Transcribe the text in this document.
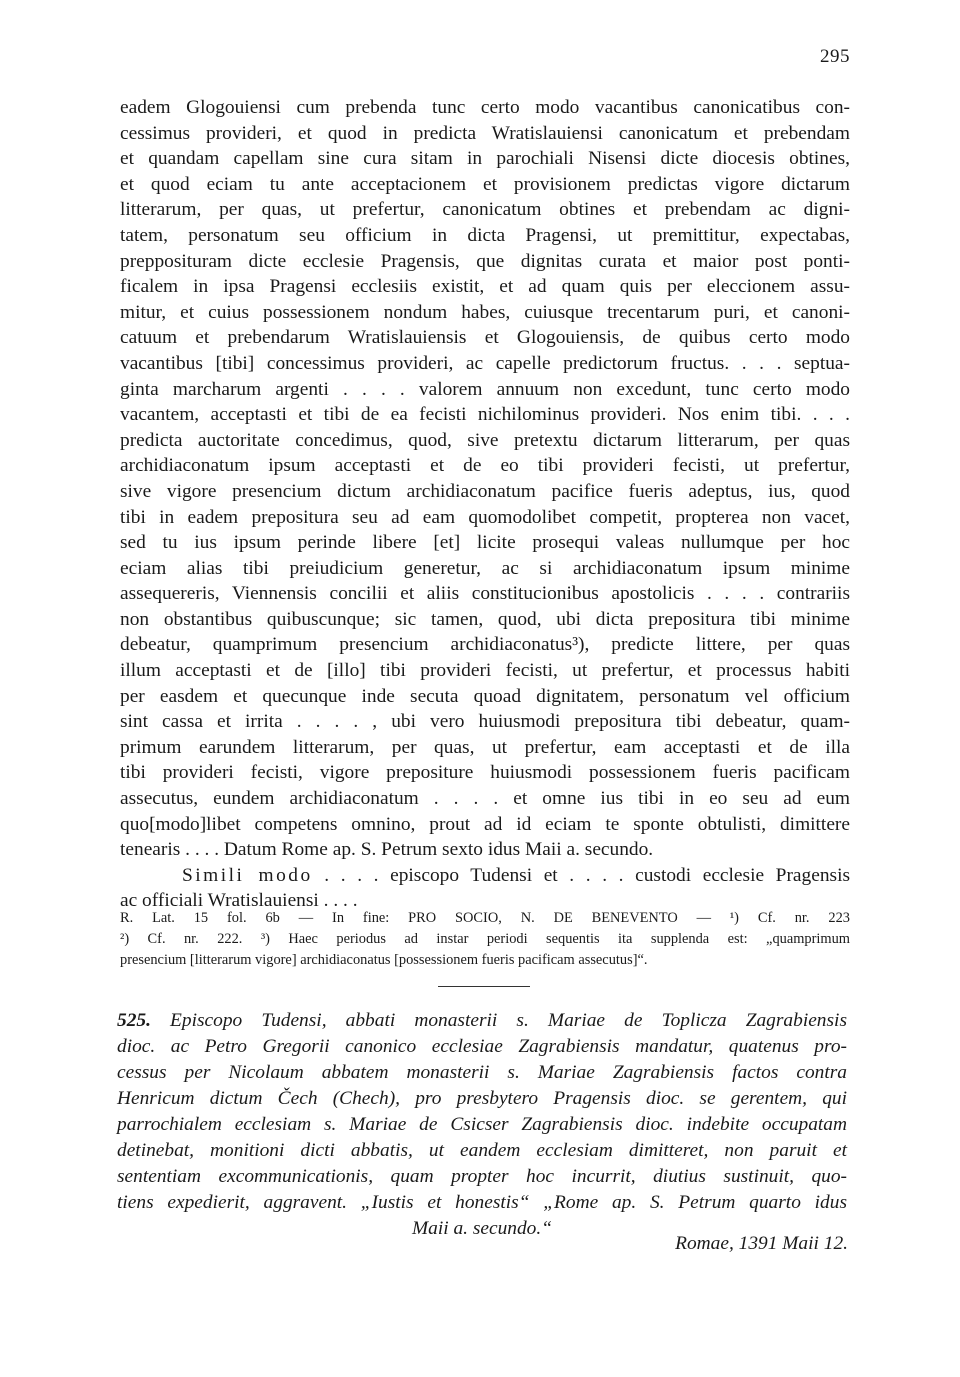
295
eadem Glogouiensi cum prebenda tunc certo modo vacantibus canonicatibus con-
cessimus provideri, et quod in predicta Wratislauiensi canonicatum et prebendam
et quandam capellam sine cura sitam in parochiali Nisensi dicte diocesis obtines,
et quod eciam tu ante acceptacionem et provisionem predictas vigore dictarum
litterarum, per quas, ut prefertur, canonicatum obtines et prebendam ac digni-
tatem, personatum seu officium in dicta Pragensi, ut premittitur, expectabas,
prepposituram dicte ecclesie Pragensis, que dignitas curata et maior post ponti-
ficalem in ipsa Pragensi ecclesiis existit, et ad quam quis per eleccionem assu-
mitur, et cuius possessionem nondum habes, cuiusque trecentarum puri, et canoni-
catuum et prebendarum Wratislauiensis et Glogouiensis, de quibus certo modo
vacantibus [tibi] concessimus provideri, ac capelle predictorum fructus. . . . septua-
ginta marcharum argenti . . . . valorem annuum non excedunt, tunc certo modo
vacantem, acceptasti et tibi de ea fecisti nichilominus provideri. Nos enim tibi. . . .
predicta auctoritate concedimus, quod, sive pretextu dictarum litterarum, per quas
archidiaconatum ipsum acceptasti et de eo tibi provideri fecisti, ut prefertur,
sive vigore presencium dictum archidiaconatum pacifice fueris adeptus, ius, quod
tibi in eadem prepositura seu ad eam quomodolibet competit, propterea non vacet,
sed tu ius ipsum perinde libere [et] licite prosequi valeas nullumque per hoc
eciam alias tibi preiudicium generetur, ac si archidiaconatum ipsum minime
assequereris, Viennensis concilii et aliis constitucionibus apostolicis . . . . contrariis
non obstantibus quibuscunque; sic tamen, quod, ubi dicta prepositura tibi minime
debeatur, quamprimum presencium archidiaconatus³), predicte littere, per quas
illum acceptasti et de [illo] tibi provideri fecisti, ut prefertur, et processus habiti
per easdem et quecunque inde secuta quoad dignitatem, personatum vel officium
sint cassa et irrita . . . . , ubi vero huiusmodi prepositura tibi debeatur, quam-
primum earundem litterarum, per quas, ut prefertur, eam acceptasti et de illa
tibi provideri fecisti, vigore prepositure huiusmodi possessionem fueris pacificam
assecutus, eundem archidiaconatum . . . . et omne ius tibi in eo seu ad eum
quo[modo]libet competens omnino, prout ad id eciam te sponte obtulisti, dimittere
tenearis . . . . Datum Rome ap. S. Petrum sexto idus Maii a. secundo.
Simili modo . . . . episcopo Tudensi et . . . . custodi ecclesie Pragensis
ac officiali Wratislauiensi . . . .
R. Lat. 15 fol. 6b — In fine: PRO SOCIO, N. DE BENEVENTO — ¹) Cf. nr. 223
²) Cf. nr. 222. ³) Haec periodus ad instar periodi sequentis ita supplenda est: „quamprimum
presencium [litterarum vigore] archidiaconatus [possessionem fueris pacificam assecutus]“.
525. Episcopo Tudensi, abbati monasterii s. Mariae de Toplicza Zagrabiensis
dioc. ac Petro Gregorii canonico ecclesiae Zagrabiensis mandatur, quatenus pro-
cessus per Nicolaum abbatem monasterii s. Mariae Zagrabiensis factos contra
Henricum dictum Čech (Chech), pro presbytero Pragensis dioc. se gerentem, qui
parrochialem ecclesiam s. Mariae de Csicser Zagrabiensis dioc. indebite occupatam
detinebat, monitioni dicti abbatis, ut eandem ecclesiam dimitteret, non paruit et
sententiam excommunicationis, quam propter hoc incurrit, diutius sustinuit, quo-
tiens expedierit, aggravent. „Iustis et honestis“ „Rome ap. S. Petrum quarto idus
Maii a. secundo.“
Romae, 1391 Maii 12.
